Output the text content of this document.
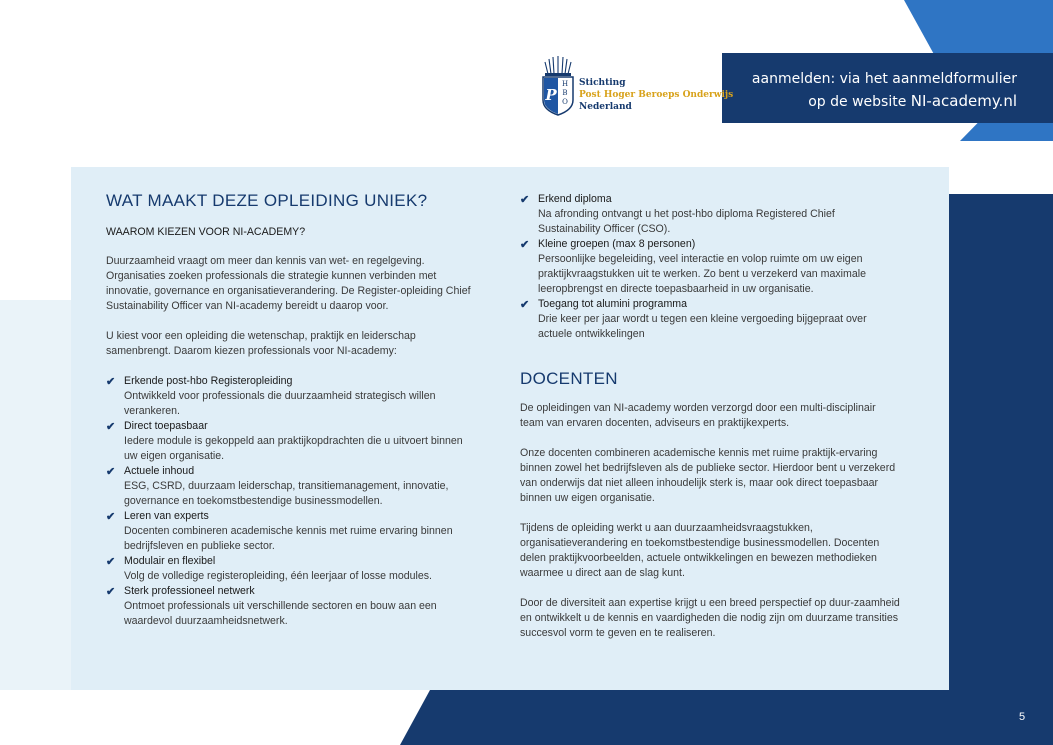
aanmelden: via het aanmeldformulier
op de website NI-academy.nl
P
H
B
O
Stichting
Post Hoger Beroeps Onderwijs
Nederland
WAT MAAKT DEZE OPLEIDING UNIEK?
WAAROM KIEZEN VOOR NI-ACADEMY?

Duurzaamheid vraagt om meer dan kennis van wet- en regelgeving. Organisaties zoeken professionals die strategie kunnen verbinden met innovatie, governance en organisatieverandering. De Register-opleiding Chief Sustainability Officer van NI-academy bereidt u daarop voor.

U kiest voor een opleiding die wetenschap, praktijk en leiderschap samenbrengt. Daarom kiezen professionals voor NI-academy:

✔ Erkende post-hbo Registeropleiding
Ontwikkeld voor professionals die duurzaamheid strategisch willen verankeren.
✔ Direct toepasbaar
Iedere module is gekoppeld aan praktijkopdrachten die u uitvoert binnen uw eigen organisatie.
✔ Actuele inhoud
ESG, CSRD, duurzaam leiderschap, transitiemanagement, innovatie, governance en toekomstbestendige businessmodellen.
✔ Leren van experts
Docenten combineren academische kennis met ruime ervaring binnen bedrijfsleven en publieke sector.
✔ Modulair en flexibel
Volg de volledige registeropleiding, één leerjaar of losse modules.
✔ Sterk professioneel netwerk
Ontmoet professionals uit verschillende sectoren en bouw aan een waardevol duurzaamheidsnetwerk.
✔ Erkend diploma
Na afronding ontvangt u het post-hbo diploma Registered Chief Sustainability Officer (CSO).
✔ Kleine groepen (max 8 personen)
Persoonlijke begeleiding, veel interactie en volop ruimte om uw eigen praktijkvraagstukken uit te werken. Zo bent u verzekerd van maximale leeropbrengst en directe toepasbaarheid in uw organisatie.
✔ Toegang tot alumini programma
Drie keer per jaar wordt u tegen een kleine vergoeding bijgepraat over actuele ontwikkelingen
DOCENTEN

De opleidingen van NI-academy worden verzorgd door een multi-disciplinair team van ervaren docenten, adviseurs en praktijkexperts.

Onze docenten combineren academische kennis met ruime praktijk-ervaring binnen zowel het bedrijfsleven als de publieke sector. Hierdoor bent u verzekerd van onderwijs dat niet alleen inhoudelijk sterk is, maar ook direct toepasbaar binnen uw eigen organisatie.

Tijdens de opleiding werkt u aan duurzaamheidsvraagstukken, organisatieverandering en toekomstbestendige businessmodellen. Docenten delen praktijkvoorbeelden, actuele ontwikkelingen en bewezen methodieken waarmee u direct aan de slag kunt.

Door de diversiteit aan expertise krijgt u een breed perspectief op duur-zaamheid en ontwikkelt u de kennis en vaardigheden die nodig zijn om duurzame transities succesvol vorm te geven en te realiseren.

5
